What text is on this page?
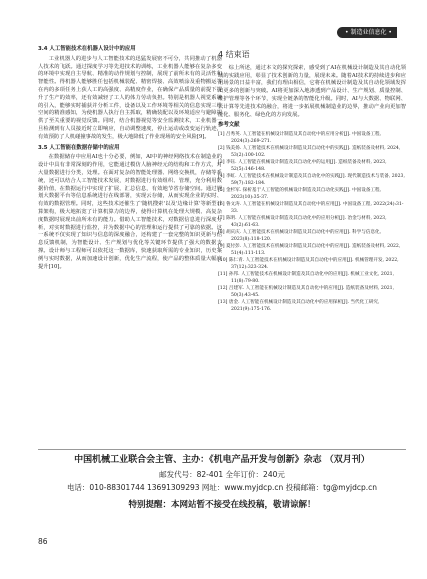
• 制造业信息化 •
3.4 人工智能技术在机器人设计中的应用

工业机器人的进步与人工智能技术的迅猛发展密不可分，共同推动了机器人技术的飞跃。通过探度学习等先进技术的训练，工业机器人能够在复杂多变的环境中实现自主导航、精准的动作规划与控制，展现了前所未有的灵活性和智能性。得机器人能够胜任包括机械装配、精密焊接、高效喷涂及重物搬运等在内的多项任务上获人工的高强度、高精度作业，在确保产品质量的前提下提升了生产的效率，还有效减轻了工人的体力劳动负担。特别是机器人视觉系统的引入，能够实时捕获并分析工件，设备以及工作环境等相关的信息实现三维空间的精准感知，为使机器人执行自主抓取，精确装配以及环境适应与避障提供了至关重要的视觉反馈。同时，结合机器视觉等安全监测技术，工业机器一旦检测到有人员接近时立即响应，自动调整速度，停止运动或改变运行轨迹，有效预防了人机碰撞事故的发生，极大地降低了作业现场的安全风险[9]。

3.5 人工智能在数据存储中的应用

在数据储存中应用AI也十分必要，例如，AI中的神经网络技术在制造业的设计中具有非常深刻的作用，它能通过模仿人脑神经元的结构和工作方式，对大量数据进行分类，处理。在面对复杂的智能处理器、网络交换机，存储等系统，还可以结合人工智能技术发展，对数据进行有效组织、管理，充分利用数据价值，在数据运行中实现了扩展、汇总信息，有效地节省存储空间。通过规划大数据平台等信息系统进行在线部署，实现云存储，从而实现企业的实时、有效的数据管理。同时，这些技术还催生了'随机搜索'以及'边缘计算'等新型计算架构，极大地拓宽了计算机算力的边界，使得计算机在处理大规模、高复杂度数据时展现出前所未有的能力。借助人工智能技术，对数据信息进行深度分析，对实时数据进行监控，并为数据中心的管理和运行提供了可靠的依据。这一系统不仅实现了知识与信息的深度融合，还构建了一套完整的知识更新与信息反馈机制，为智能设计、生产规划与优化等关键环节提供了强大的数据支撑。设计师与工程师可以依托这一数据库，快速获取所需的专业知识，历史案例与实时数据，从而加速设计创新，优化生产流程，使产品的整体质量大幅度提升[10]。

4 结束语

综上所述，通过本文的探究探索，感受到了AI在机械设计制造及其自动化领域的实践应用，彰显了技术创新的力量，展现未来。随着AI技术的持续进步和应用场景的日益丰富，我们有理由相信，它将在机械设计制造及其自动化领域发挥出更多的创新与突破。AI将更加深入地渗透到产品设计、生产规划、质量控制、维护管理等各个环节，实现全链条的智能化升级。同时，AI与大数据、物联网、云计算等先进技术的融合，将进一步拓展机械制造业的边界，推动产业向更加智能化、服务化、绿色化的方向发展。

参考文献
[1] 吕秀英. 人工智能在机械设计制造及其自动化中的应用分析[J]. 中国设备工程, 2024(3):269-271.
[2] 钱美扬. 人工智能技术在机械设计制造及其自动化中的实践[J]. 造纸装备及材料, 2024, 53(2):100-102.
[3] 李钰. 人工智能在机械设计制造及其自动化中的运用[J]. 造纸装备及材料, 2023, 52(5):146-148.
[4] 李虹. 人工智能技术在机械设计制造及其自动化中的实践[J]. 现代制造技术与装备, 2023, 59(7):182-184.
[5] 金杉军. 探析基于人工智能的机械设计制造及其自动化实践[J]. 中国设备工程, 2023(10):35-37.
[6] 鲁文涛. 人工智能在机械设计制造及其自动化中的应用[J]. 中国设备工程, 2022(24):31-33.
[7] 陈明. 人工智能在机械设计制造及其自动化中的应用分析[J]. 冶金与材料, 2023, 43(2):61-63.
[8] 胡庆庆. 人工智能技术在机械设计制造及其自动化中的应用[J]. 科学与信息化, 2023(8):118-120.
[9] 夏付彭. 人工智能技术在机械设计制造及其自动化中的应用[J]. 造纸装备及材料, 2022, 51(4):111-113.
[10] 陈仁青. 人工智能技术在机械设计制造及其自动化中的应用[J]. 机械管理开发, 2022, 37(12):323-324.
[11] 孙邦. 人工智能技术在机械设计制造及其自动化中的应用[J]. 机械工业文化, 2021, 11(8):79-80.
[12] 吕建军. 人工智能在机械设计制造及其自动化中的应用[J]. 造纸装备及材料, 2021, 50(3):43-45.
[13] 唐金. 人工智能在机械设计制造及其自动化中的应用探析[J]. 当代化工研究, 2021(9):175-176.
中国机械工业联合会主管、主办：《机电产品开发与创新》杂志 （双月刊）
邮发代号：82-401 全年订价：240元
电话：010-88301744 13691309293 网址：www.myjdcp.cn 投稿邮箱：tg@myjdcp.cn
特别提醒：本网站暂不接受在线投稿，敬请谅解！
86
